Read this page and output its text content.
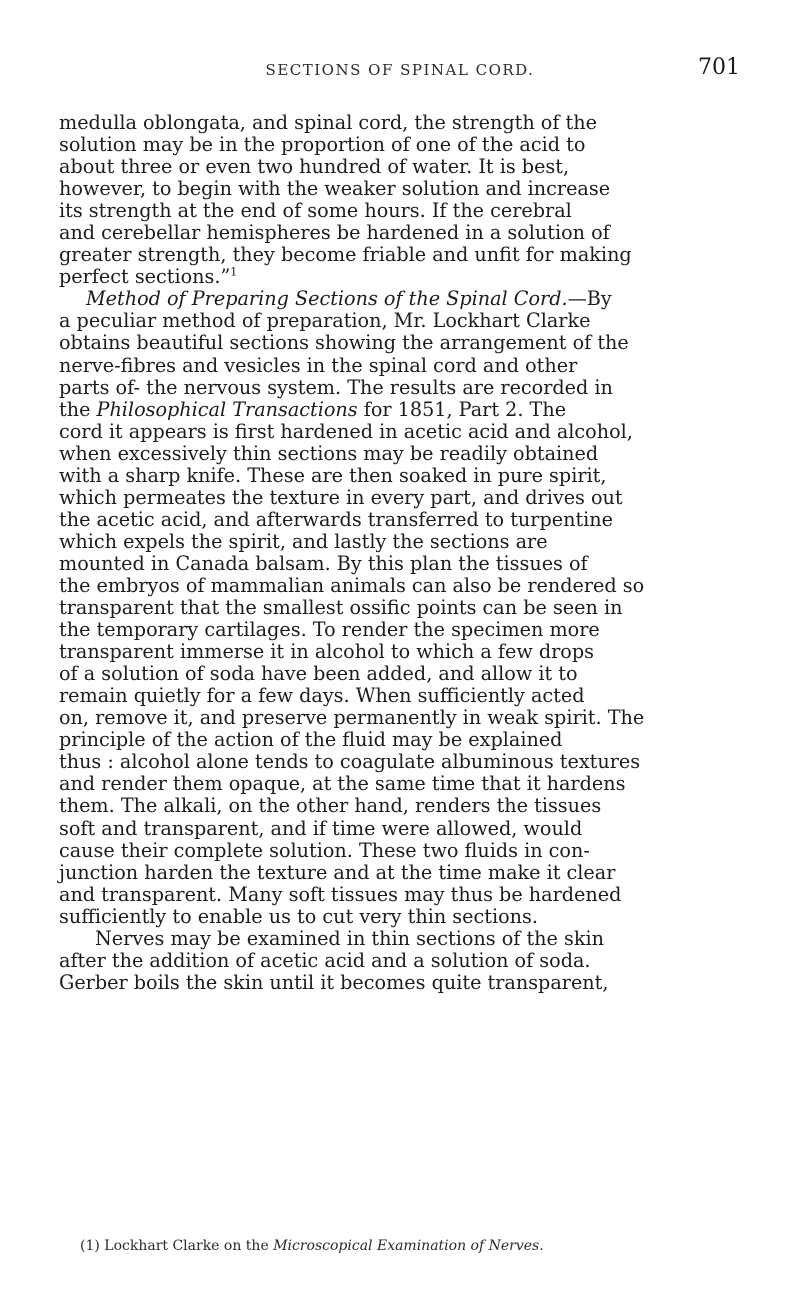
SECTIONS OF SPINAL CORD.	701
medulla oblongata, and spinal cord, the strength of the
solution may be in the proportion of one of the acid to
about three or even two hundred of water. It is best,
however, to begin with the weaker solution and increase
its strength at the end of some hours. If the cerebral
and cerebellar hemispheres be hardened in a solution of
greater strength, they become friable and unfit for making
perfect sections.”$^1$
Method of Preparing Sections of the Spinal Cord.—By
a peculiar method of preparation, Mr. Lockhart Clarke
obtains beautiful sections showing the arrangement of the
nerve-fibres and vesicles in the spinal cord and other
parts of- the nervous system. The results are recorded in
the Philosophical Transactions for 1851, Part 2. The
cord it appears is first hardened in acetic acid and alcohol,
when excessively thin sections may be readily obtained
with a sharp knife. These are then soaked in pure spirit,
which permeates the texture in every part, and drives out
the acetic acid, and afterwards transferred to turpentine
which expels the spirit, and lastly the sections are
mounted in Canada balsam. By this plan the tissues of
the embryos of mammalian animals can also be rendered so
transparent that the smallest ossific points can be seen in
the temporary cartilages. To render the specimen more
transparent immerse it in alcohol to which a few drops
of a solution of soda have been added, and allow it to
remain quietly for a few days. When sufficiently acted
on, remove it, and preserve permanently in weak spirit. The
principle of the action of the fluid may be explained
thus : alcohol alone tends to coagulate albuminous textures
and render them opaque, at the same time that it hardens
them. The alkali, on the other hand, renders the tissues
soft and transparent, and if time were allowed, would
cause their complete solution. These two fluids in con-
junction harden the texture and at the time make it clear
and transparent. Many soft tissues may thus be hardened
sufficiently to enable us to cut very thin sections.
Nerves may be examined in thin sections of the skin
after the addition of acetic acid and a solution of soda.
Gerber boils the skin until it becomes quite transparent,
(1) Lockhart Clarke on the Microscopical Examination of Nerves.
